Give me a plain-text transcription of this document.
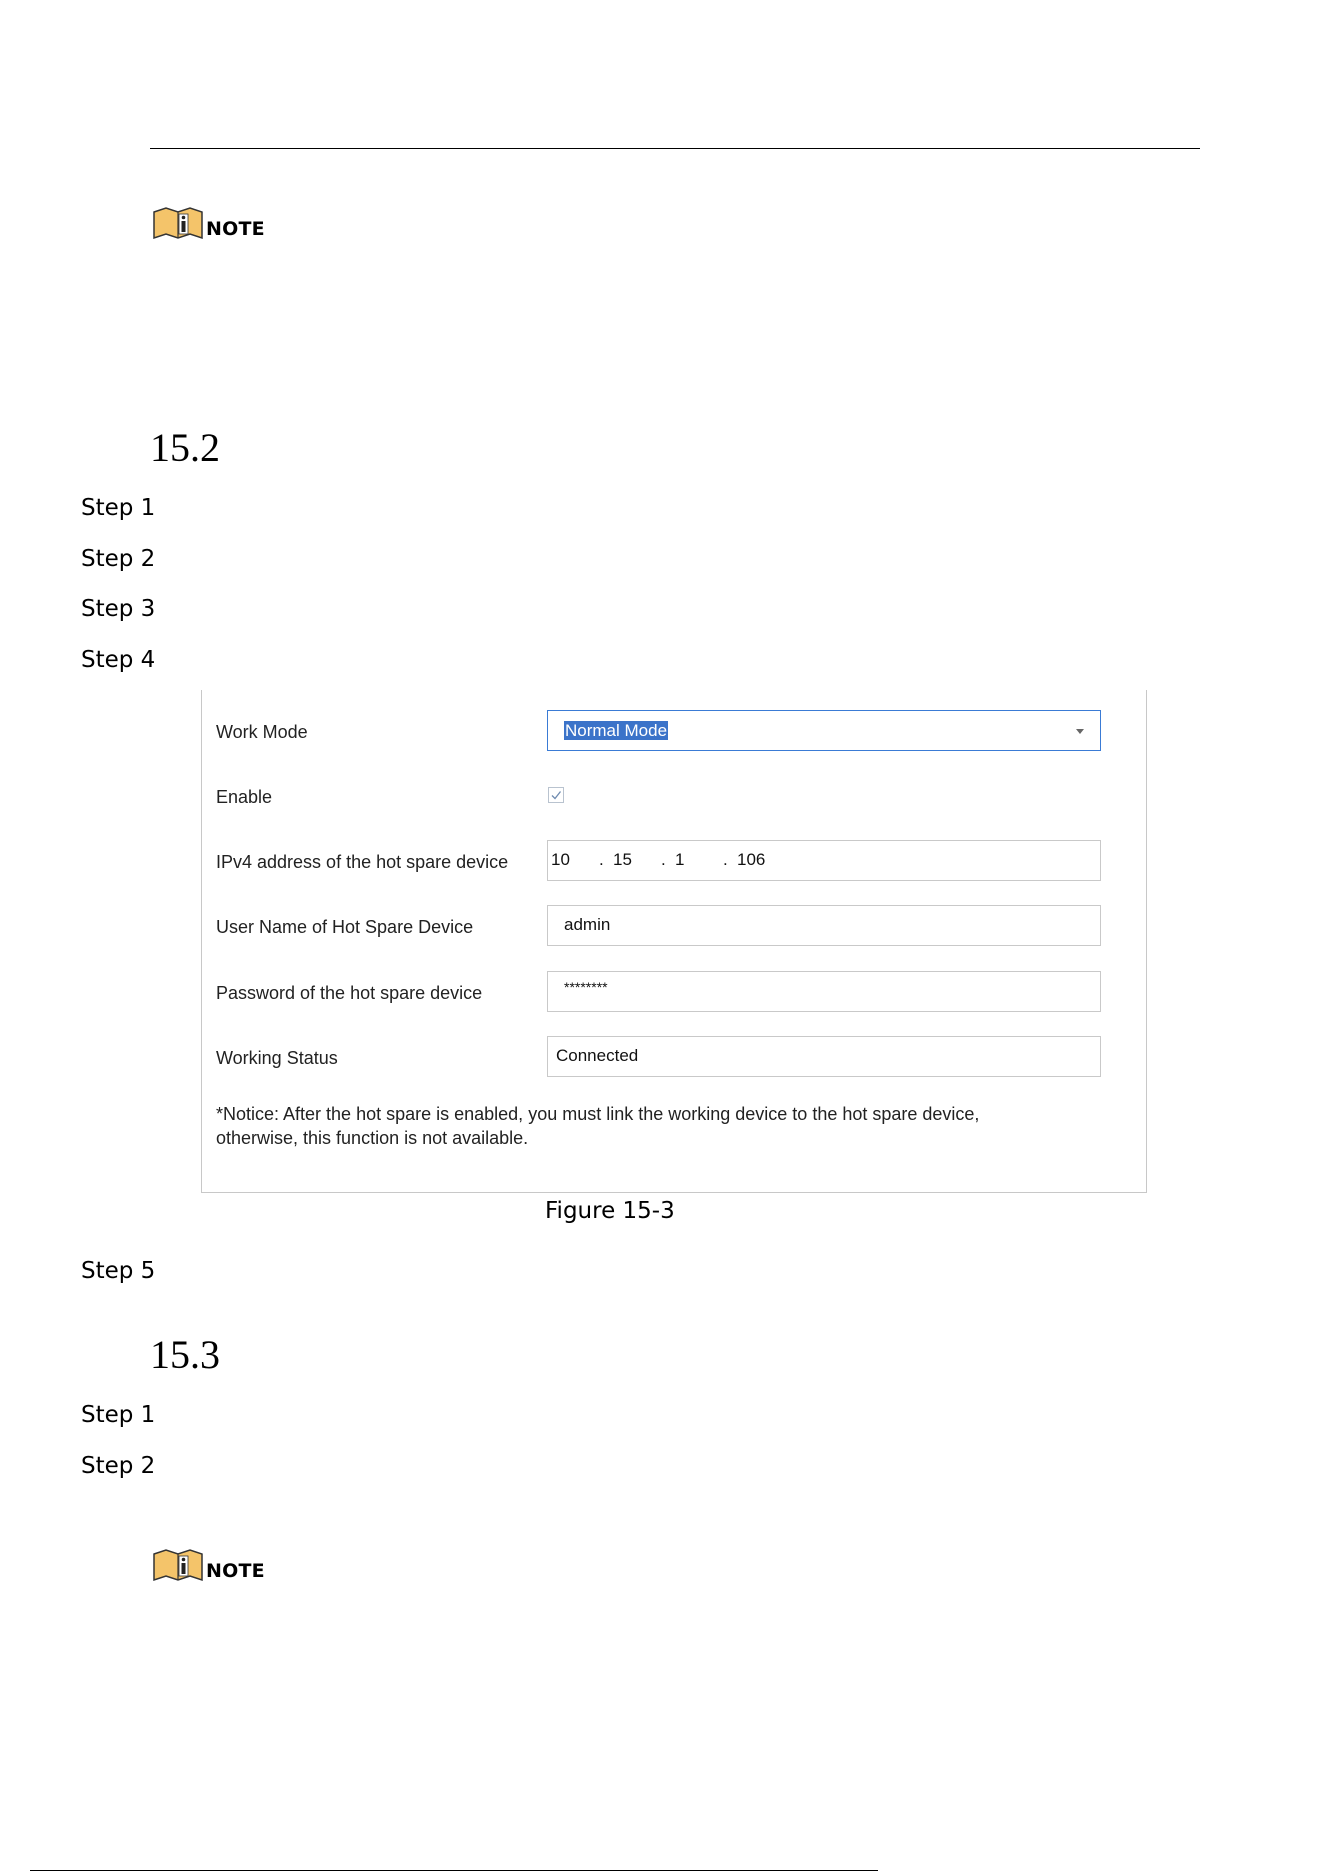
NOTE
15.2
Step 1
Step 2
Step 3
Step 4
Work Mode	Normal Mode
Enable
IPv4 address of the hot spare device	10 . 15 . 1 . 106
User Name of Hot Spare Device	admin
Password of the hot spare device	********
Working Status	Connected
*Notice: After the hot spare is enabled, you must link the working device to the hot spare device,
otherwise, this function is not available.
Figure 15-3
Step 5
15.3
Step 1
Step 2
NOTE
